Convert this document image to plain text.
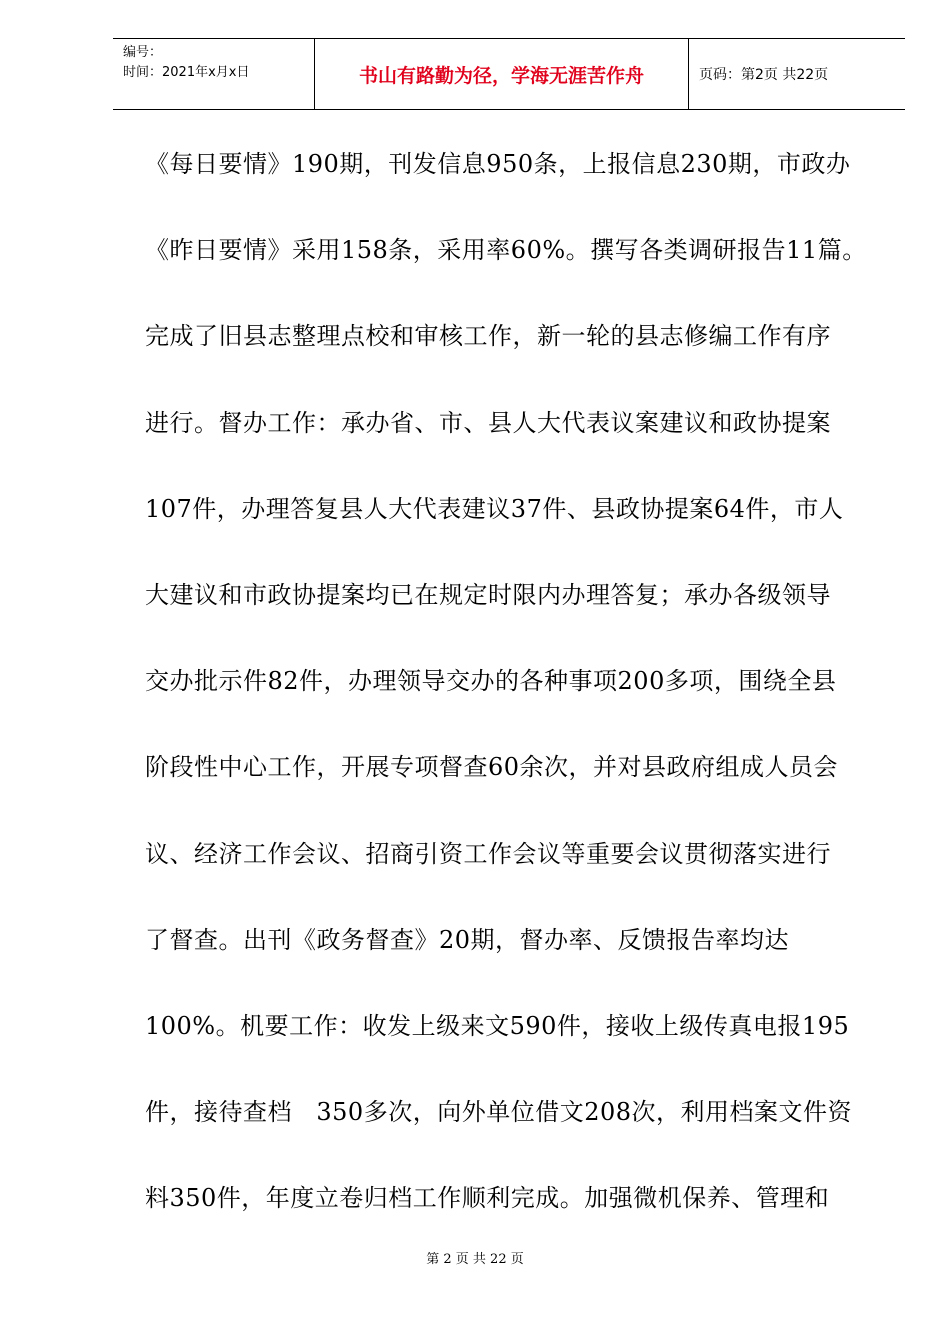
编号：
时间：2021年x月x日	书山有路勤为径，学海无涯苦作舟	页码：第2页 共22页
《每日要情》190期，刊发信息950条，上报信息230期，市政办
《昨日要情》采用158条，采用率60%。撰写各类调研报告11篇。
完成了旧县志整理点校和审核工作，新一轮的县志修编工作有序
进行。督办工作：承办省、市、县人大代表议案建议和政协提案
107件，办理答复县人大代表建议37件、县政协提案64件，市人
大建议和市政协提案均已在规定时限内办理答复；承办各级领导
交办批示件82件，办理领导交办的各种事项200多项，围绕全县
阶段性中心工作，开展专项督查60余次，并对县政府组成人员会
议、经济工作会议、招商引资工作会议等重要会议贯彻落实进行
了督查。出刊《政务督查》20期，督办率、反馈报告率均达
100%。机要工作：收发上级来文590件，接收上级传真电报195
件，接待查档   350多次，向外单位借文208次，利用档案文件资
料350件，年度立卷归档工作顺利完成。加强微机保养、管理和
第 2 页 共 22 页
